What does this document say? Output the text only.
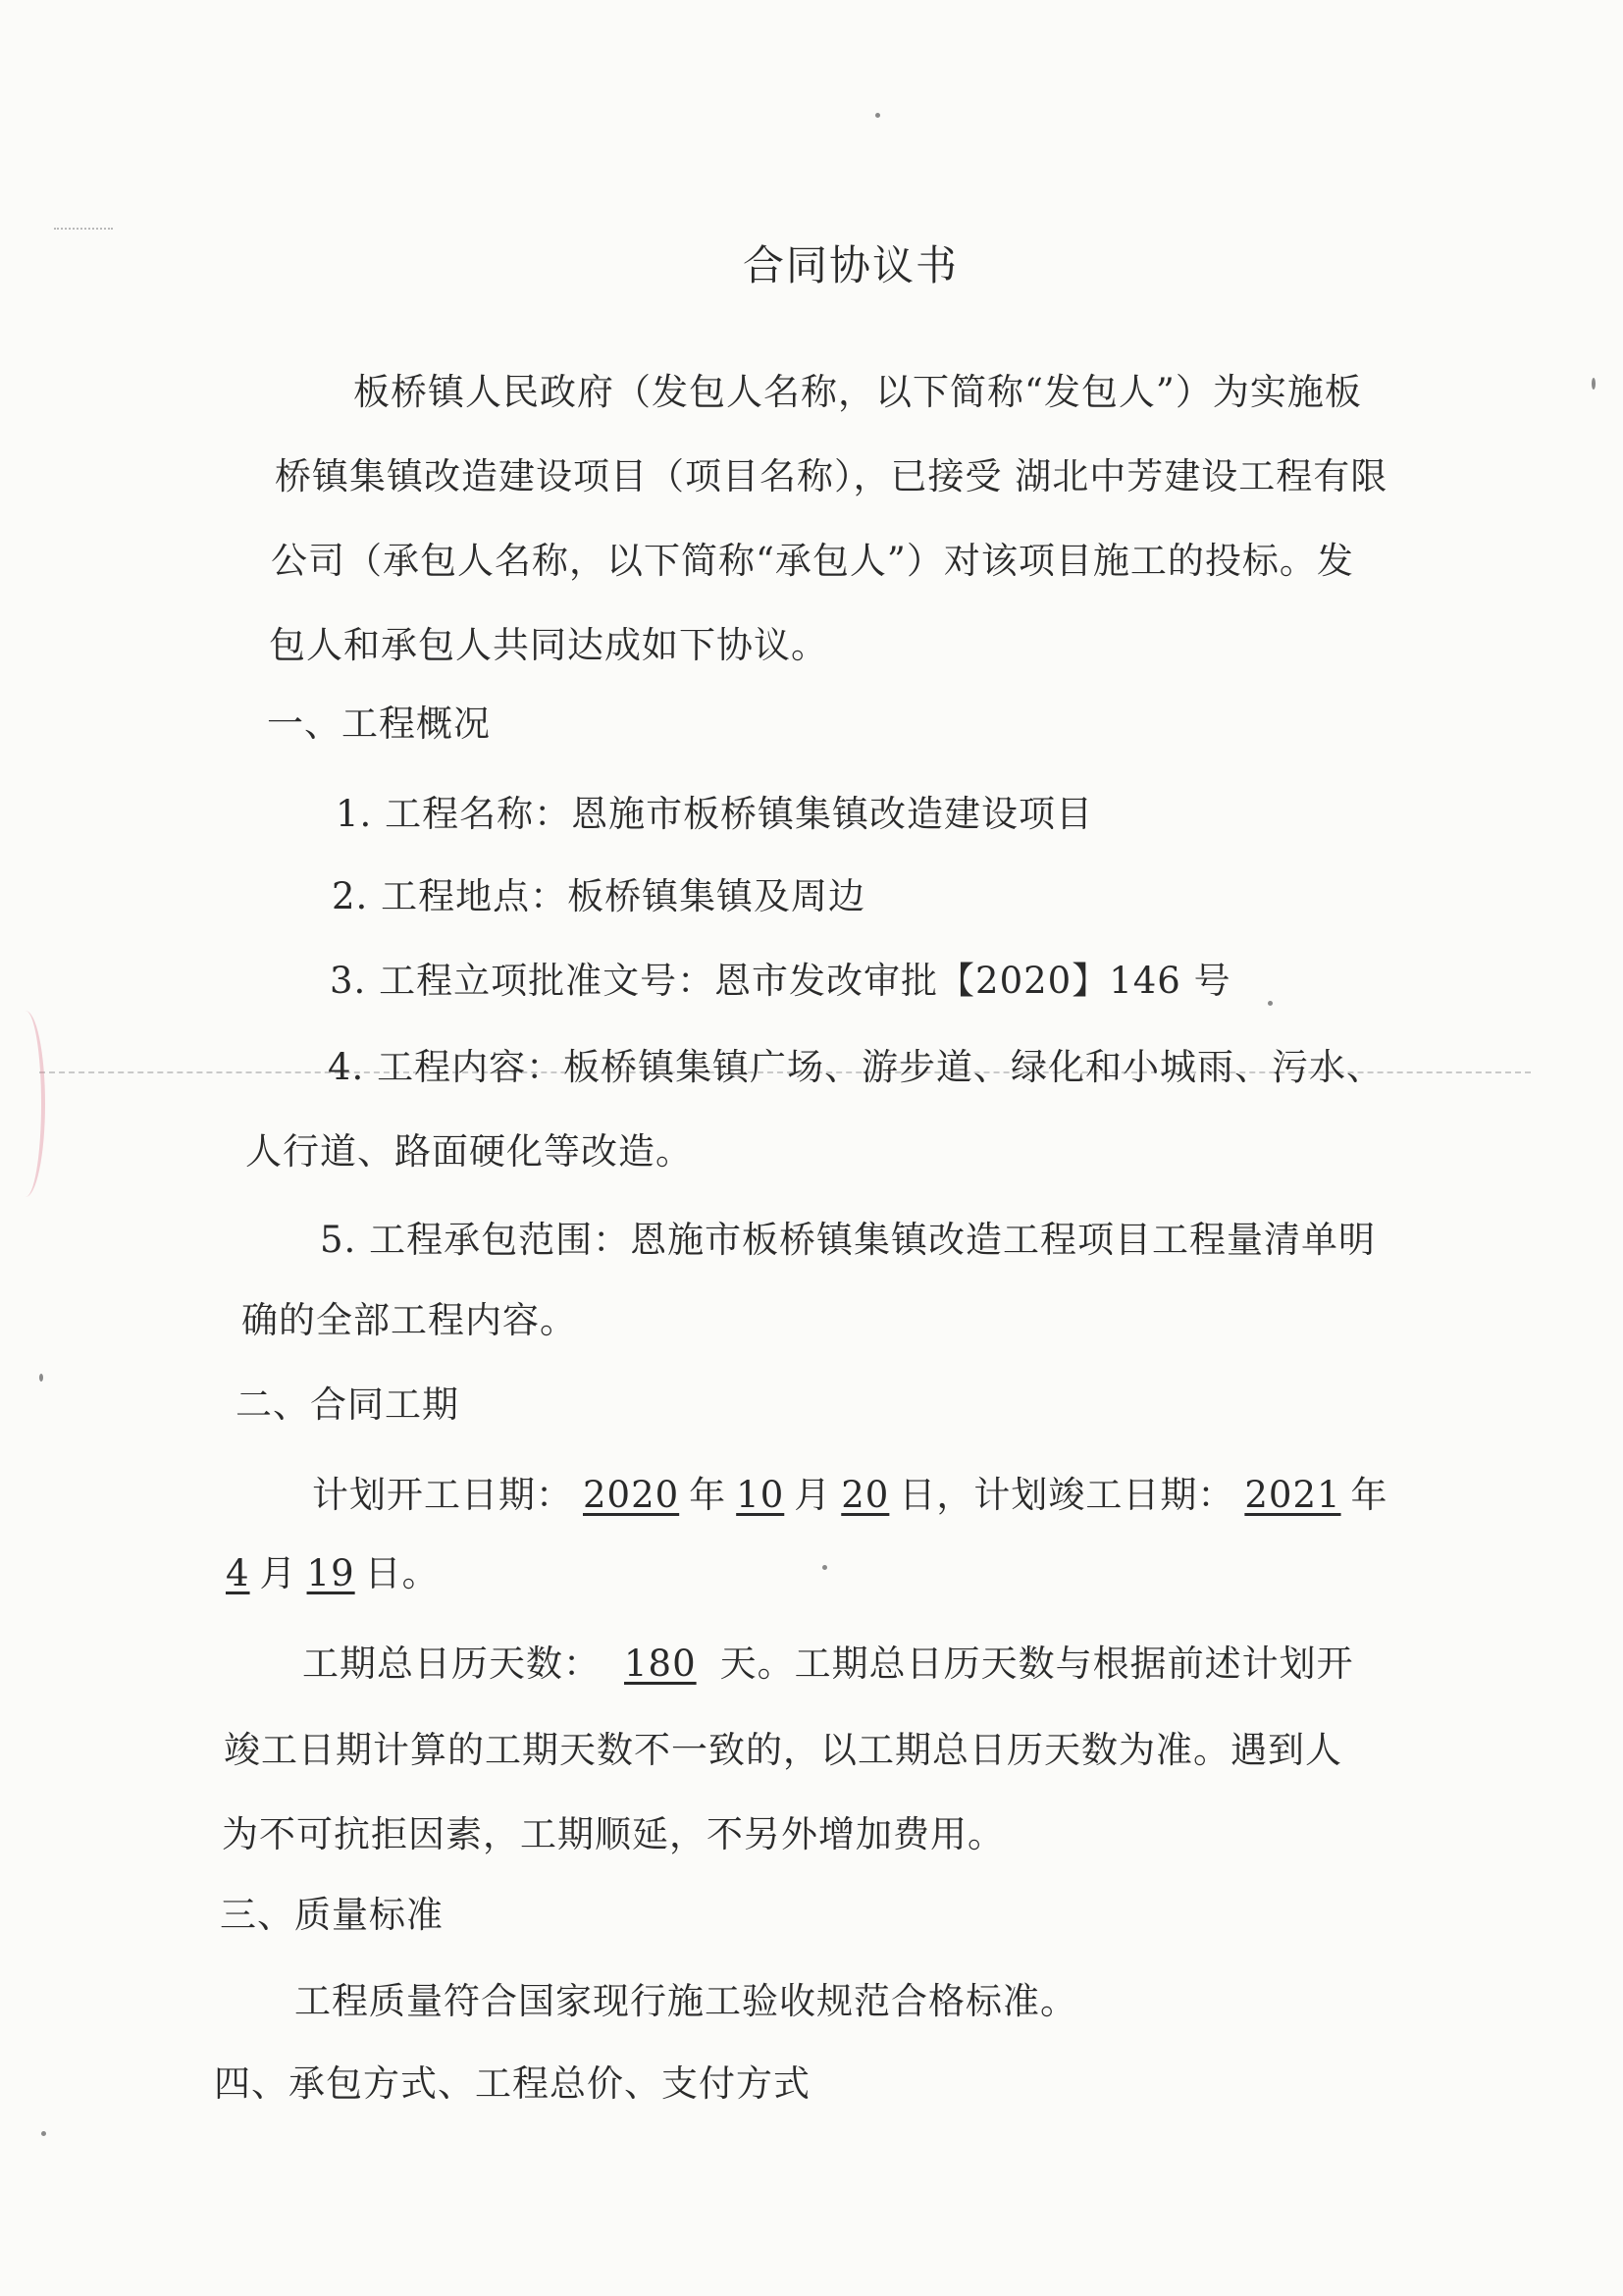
合同协议书
板桥镇人民政府（发包人名称，以下简称“发包人”）为实施板
桥镇集镇改造建设项目（项目名称），已接受 湖北中芳建设工程有限
公司（承包人名称，以下简称“承包人”）对该项目施工的投标。发
包人和承包人共同达成如下协议。
一、工程概况
1. 工程名称：恩施市板桥镇集镇改造建设项目
2. 工程地点：板桥镇集镇及周边
3. 工程立项批准文号：恩市发改审批【2020】146 号
4. 工程内容：板桥镇集镇广场、游步道、绿化和小城雨、污水、
人行道、路面硬化等改造。
5. 工程承包范围：恩施市板桥镇集镇改造工程项目工程量清单明
确的全部工程内容。
二、合同工期
计划开工日期： 2020 年 10 月 20 日，计划竣工日期： 2021 年
4 月 19 日。
工期总日历天数： 180 天。工期总日历天数与根据前述计划开
竣工日期计算的工期天数不一致的，以工期总日历天数为准。遇到人
为不可抗拒因素，工期顺延，不另外增加费用。
三、质量标准
工程质量符合国家现行施工验收规范合格标准。
四、承包方式、工程总价、支付方式
